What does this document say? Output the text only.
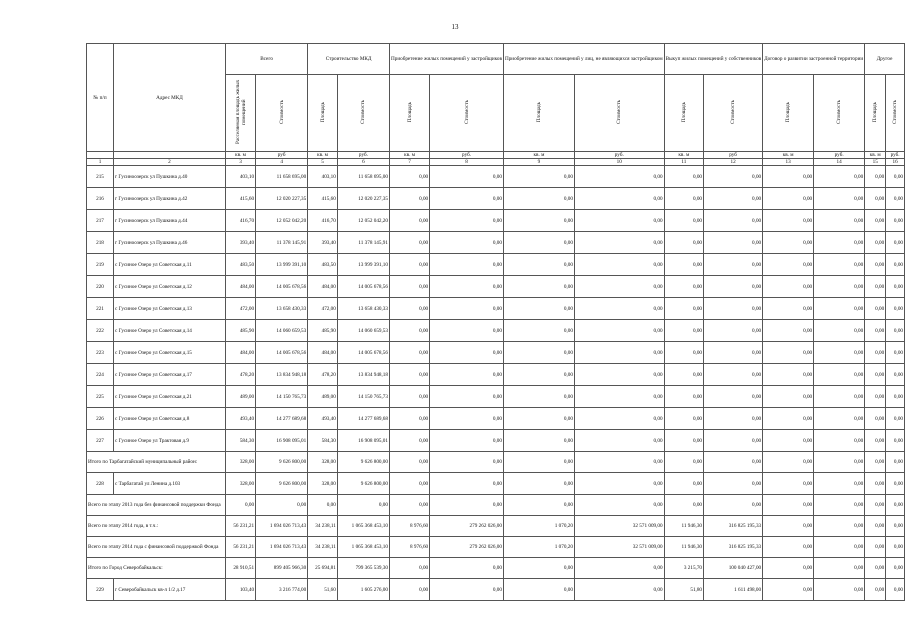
13
№ п/п	Адрес МКД	Всего		Строительство МКД		Приобретение жилых помещений у застройщиков		Приобретение жилых помещений у лиц, не являющихся застройщиком		Выкуп жилых помещений у собственников		Договор о развитии застроенной территории		Другое	
		Расселяемая площадь жилых помещений	Стоимость	Площадь	Стоимость	Площадь	Стоимость	Площадь	Стоимость	Площадь	Стоимость	Площадь	Стоимость	Площадь	Стоимость
		кв. м	руб	кв. м	руб.	кв. м	руб.	кв. м	руб.	кв. м	руб	кв. м	руб.	кв. м	руб.
1	2	3	4	5	6	7	8	9	10	11	12	13	14	15	16
215	г Гусиноозерск ул Пушкина д.40	403,10	11 658 695,00	403,10	11 658 695,00	0,00	0,00	0,00	0,00	0,00	0,00	0,00	0,00	0,00	0,00
216	г Гусиноозерск ул Пушкина д.42	415,60	12 020 227,35	415,60	12 020 227,35	0,00	0,00	0,00	0,00	0,00	0,00	0,00	0,00	0,00	0,00
217	г Гусиноозерск ул Пушкина д.44	416,70	12 052 042,20	416,70	12 052 042,20	0,00	0,00	0,00	0,00	0,00	0,00	0,00	0,00	0,00	0,00
218	г Гусиноозерск ул Пушкина д.46	393,40	11 378 145,91	393,40	11 378 145,91	0,00	0,00	0,00	0,00	0,00	0,00	0,00	0,00	0,00	0,00
219	с Гусиное Озеро ул Советская д.11	483,50	13 999 391,10	483,50	13 999 391,10	0,00	0,00	0,00	0,00	0,00	0,00	0,00	0,00	0,00	0,00
220	с Гусиное Озеро ул Советская д.12	484,00	14 005 678,56	484,00	14 005 678,56	0,00	0,00	0,00	0,00	0,00	0,00	0,00	0,00	0,00	0,00
221	с Гусиное Озеро ул Советская д.13	472,00	13 658 430,33	472,00	13 658 430,33	0,00	0,00	0,00	0,00	0,00	0,00	0,00	0,00	0,00	0,00
222	с Гусиное Озеро ул Советская д.14	485,90	14 060 659,53	485,90	14 060 659,53	0,00	0,00	0,00	0,00	0,00	0,00	0,00	0,00	0,00	0,00
223	с Гусиное Озеро ул Советская д.15	484,00	14 005 678,56	484,00	14 005 678,56	0,00	0,00	0,00	0,00	0,00	0,00	0,00	0,00	0,00	0,00
224	с Гусиное Озеро ул Советская д.17	478,20	13 834 948,18	478,20	13 834 948,18	0,00	0,00	0,00	0,00	0,00	0,00	0,00	0,00	0,00	0,00
225	с Гусиное Озеро ул Советская д.21	489,00	14 150 765,73	489,00	14 150 765,73	0,00	0,00	0,00	0,00	0,00	0,00	0,00	0,00	0,00	0,00
226	с Гусиное Озеро ул Советская д.8	493,40	14 277 689,68	493,40	14 277 689,68	0,00	0,00	0,00	0,00	0,00	0,00	0,00	0,00	0,00	0,00
227	с Гусиное Озеро ул Трактовая д.9	584,30	16 908 095,01	584,30	16 908 095,01	0,00	0,00	0,00	0,00	0,00	0,00	0,00	0,00	0,00	0,00
Итого по Тарбагатайский муниципальный район:		328,00	9 626 800,00	328,00	9 626 800,00	0,00	0,00	0,00	0,00	0,00	0,00	0,00	0,00	0,00	0,00
228	с Тарбагатай ул Ленина д.103	328,00	9 626 800,00	328,00	9 626 800,00	0,00	0,00	0,00	0,00	0,00	0,00	0,00	0,00	0,00	0,00
Всего по этапу 2013 года без финансовой поддержки Фонда		0,00	0,00	0,00	0,00	0,00	0,00	0,00	0,00	0,00	0,00	0,00	0,00	0,00	0,00
Всего по этапу 2014 года, в т.ч.:		56 231,21	1 694 026 713,43	34 238,11	1 065 368 453,10	8 976,60	279 262 026,00	1 070,20	32 571 009,00	11 946,30	316 825 195,33	0,00	0,00	0,00	0,00
Всего по этапу 2014 года с финансовой поддержкой Фонда		56 231,21	1 694 026 713,43	34 238,11	1 065 368 453,10	8 976,60	279 262 026,00	1 070,20	32 571 009,00	11 946,30	316 825 195,33	0,00	0,00	0,00	0,00
Итого по Город Северобайкальск:		28 910,51	899 405 966,30	25 694,81	799 365 539,30	0,00	0,00	0,00	0,00	3 215,70	100 040 427,00	0,00	0,00	0,00	0,00
229	г Северобайкальск кв-л 1/2 д.17	103,40	3 216 774,00	51,60	1 605 276,00	0,00	0,00	0,00	0,00	51,80	1 611 498,00	0,00	0,00	0,00	0,00
